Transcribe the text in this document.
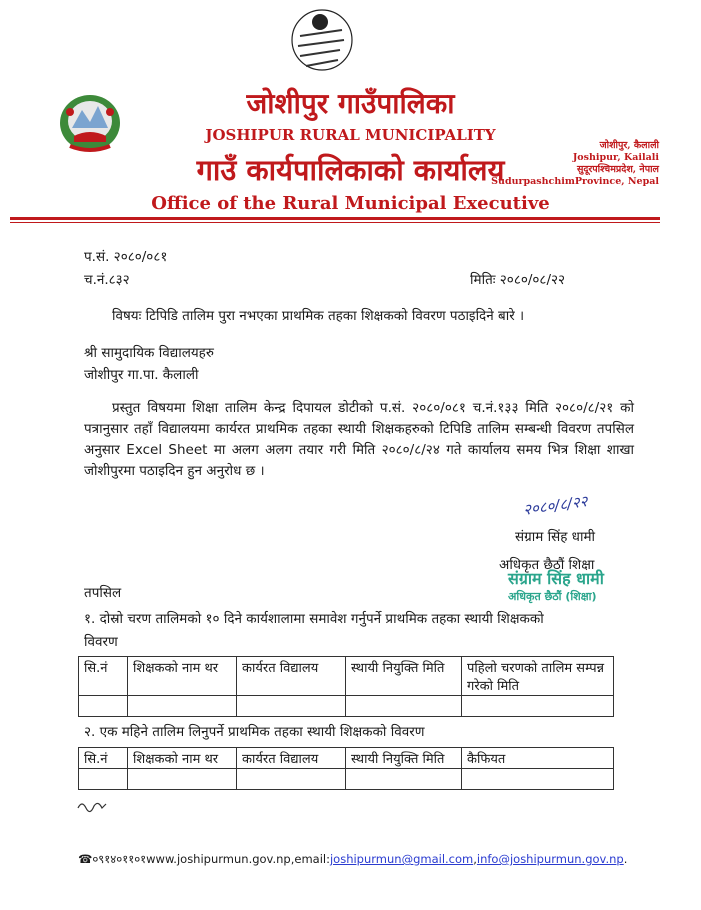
जोशीपुर गाउँपालिका
JOSHIPUR RURAL MUNICIPALITY
गाउँ कार्यपालिकाको कार्यालय
Office of the Rural Municipal Executive
जोशीपुर, कैलाली
Joshipur, Kailali
सुदूरपश्चिमप्रदेश, नेपाल
SudurpashchimProvince, Nepal
प.सं. २०८०/०८१
च.नं.८३२	मितिः २०८०/०८/२२
विषयः टिपिडि तालिम पुरा नभएका प्राथमिक तहका शिक्षकको विवरण पठाइदिने बारे ।
श्री सामुदायिक विद्यालयहरु
जोशीपुर गा.पा. कैलाली
प्रस्तुत विषयमा शिक्षा तालिम केन्द्र दिपायल डोटीको प.सं. २०८०/०८१ च.नं.१३३ मिति २०८०/८/२१ को पत्रानुसार तहाँ विद्यालयमा कार्यरत प्राथमिक तहका स्थायी शिक्षकहरुको टिपिडि तालिम सम्बन्धी विवरण तपसिल अनुसार Excel Sheet मा अलग अलग तयार गरी मिति २०८०/८/२४ गते कार्यालय समय भित्र शिक्षा शाखा जोशीपुरमा पठाइदिन हुन अनुरोध छ ।
२०८०/८/२२
संग्राम सिंह धामी
अधिकृत छैठौं शिक्षा
संग्राम सिंह धामी
अधिकृत छैठौं (शिक्षा)
तपसिल
१. दोस्रो चरण तालिमको १० दिने कार्यशालामा समावेश गर्नुपर्ने प्राथमिक तहका स्थायी शिक्षकको
विवरण
सि.नं	शिक्षकको नाम थर	कार्यरत विद्यालय	स्थायी नियुक्ति मिति	पहिलो चरणको तालिम सम्पन्न गरेको मिति

२. एक महिने तालिम लिनुपर्ने प्राथमिक तहका स्थायी शिक्षकको विवरण
सि.नं	शिक्षकको नाम थर	कार्यरत विद्यालय	स्थायी नियुक्ति मिति	कैफियत

☎०९१४०११०१www.joshipurmun.gov.np,email:joshipurmun@gmail.com,info@joshipurmun.gov.np.
